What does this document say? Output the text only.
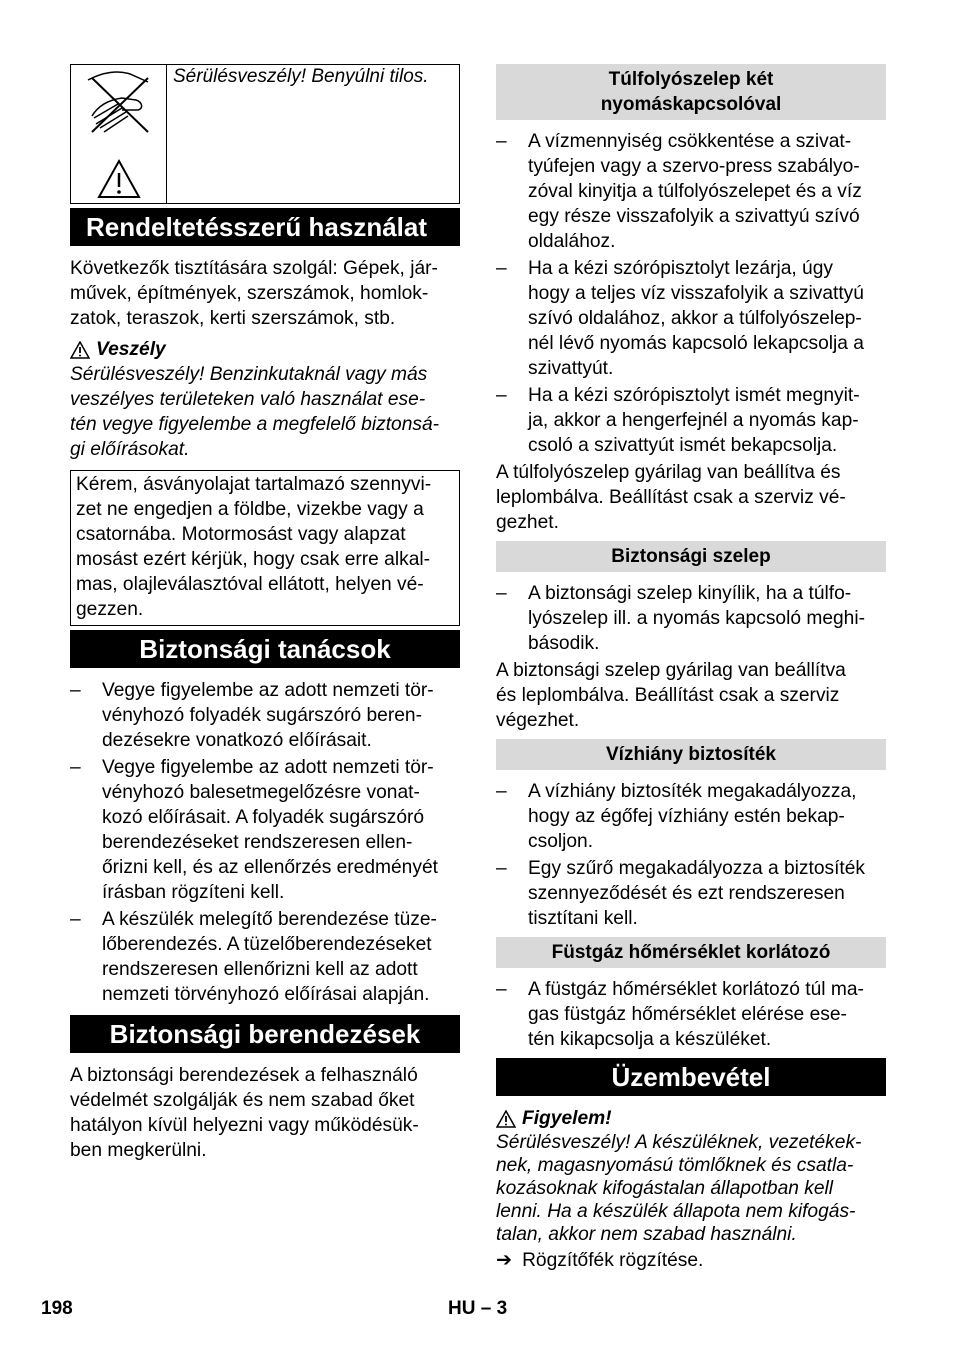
Sérülésveszély! Benyúlni tilos.
Rendeltetésszerű használat

Következők tisztítására szolgál: Gépek, jár-
művek, építmények, szerszámok, homlok-
zatok, teraszok, kerti szerszámok, stb.

Veszély

Sérülésveszély! Benzinkutaknál vagy más
veszélyes területeken való használat ese-
tén vegye figyelembe a megfelelő biztonsá-
gi előírásokat.

Kérem, ásványolajat tartalmazó szennyvi-
zet ne engedjen a földbe, vizekbe vagy a
csatornába. Motormosást vagy alapzat
mosást ezért kérjük, hogy csak erre alkal-
mas, olajleválasztóval ellátott, helyen vé-
gezzen.
Biztonsági tanácsok
– Vegye figyelembe az adott nemzeti tör-
vényhozó folyadék sugárszóró beren-
dezésekre vonatkozó előírásait.
– Vegye figyelembe az adott nemzeti tör-
vényhozó balesetmegelőzésre vonat-
kozó előírásait. A folyadék sugárszóró
berendezéseket rendszeresen ellen-
őrizni kell, és az ellenőrzés eredményét
írásban rögzíteni kell.
– A készülék melegítő berendezése tüze-
lőberendezés. A tüzelőberendezéseket
rendszeresen ellenőrizni kell az adott
nemzeti törvényhozó előírásai alapján.
Biztonsági berendezések

A biztonsági berendezések a felhasználó
védelmét szolgálják és nem szabad őket
hatályon kívül helyezni vagy működésük-
ben megkerülni.

Túlfolyószelep két
nyomáskapcsolóval
– A vízmennyiség csökkentése a szivat-
tyúfejen vagy a szervo-press szabályo-
zóval kinyitja a túlfolyószelepet és a víz
egy része visszafolyik a szivattyú szívó
oldalához.
– Ha a kézi szórópisztolyt lezárja, úgy
hogy a teljes víz visszafolyik a szivattyú
szívó oldalához, akkor a túlfolyószelep-
nél lévő nyomás kapcsoló lekapcsolja a
szivattyút.
– Ha a kézi szórópisztolyt ismét megnyit-
ja, akkor a hengerfejnél a nyomás kap-
csoló a szivattyút ismét bekapcsolja.

A túlfolyószelep gyárilag van beállítva és
leplombálva. Beállítást csak a szerviz vé-
gezhet.

Biztonsági szelep
– A biztonsági szelep kinyílik, ha a túlfo-
lyószelep ill. a nyomás kapcsoló meghi-
básodik.

A biztonsági szelep gyárilag van beállítva
és leplombálva. Beállítást csak a szerviz
végezhet.

Vízhiány biztosíték
– A vízhiány biztosíték megakadályozza,
hogy az égőfej vízhiány estén bekap-
csoljon.
– Egy szűrő megakadályozza a biztosíték
szennyeződését és ezt rendszeresen
tisztítani kell.
Füstgáz hőmérséklet korlátozó
– A füstgáz hőmérséklet korlátozó túl ma-
gas füstgáz hőmérséklet elérése ese-
tén kikapcsolja a készüléket.
Üzembevétel
Figyelem!

Sérülésveszély! A készüléknek, vezetékek-
nek, magasnyomású tömlőknek és csatla-
kozásoknak kifogástalan állapotban kell
lenni. Ha a készülék állapota nem kifogás-
talan, akkor nem szabad használni.

➔ Rögzítőfék rögzítése.
198	HU – 3
